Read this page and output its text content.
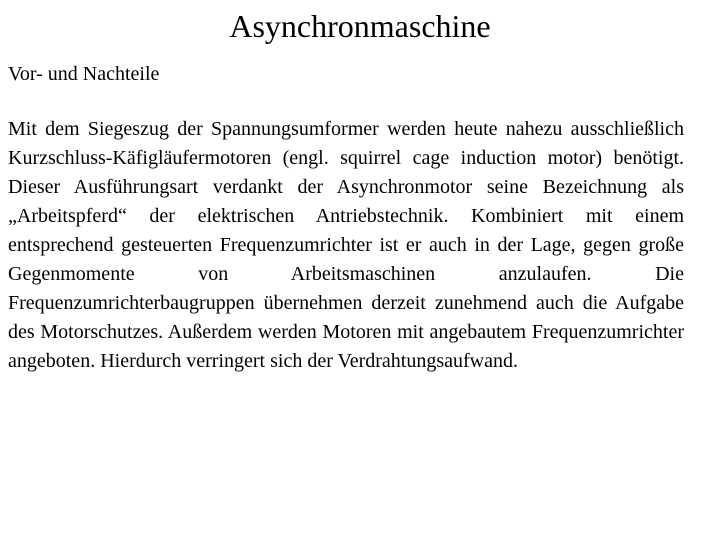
Asynchronmaschine
Vor- und Nachteile

Mit dem Siegeszug der Spannungsumformer werden heute nahezu ausschließlich Kurzschluss-Käfigläufermotoren (engl. squirrel cage induction motor) benötigt. Dieser Ausführungsart verdankt der Asynchronmotor seine Bezeichnung als „Arbeitspferd“ der elektrischen Antriebstechnik. Kombiniert mit einem entsprechend gesteuerten Frequenzumrichter ist er auch in der Lage, gegen große Gegenmomente von Arbeitsmaschinen anzulaufen. Die Frequenzumrichterbaugruppen übernehmen derzeit zunehmend auch die Aufgabe des Motorschutzes. Außerdem werden Motoren mit angebautem Frequenzumrichter angeboten. Hierdurch verringert sich der Verdrahtungsaufwand.
